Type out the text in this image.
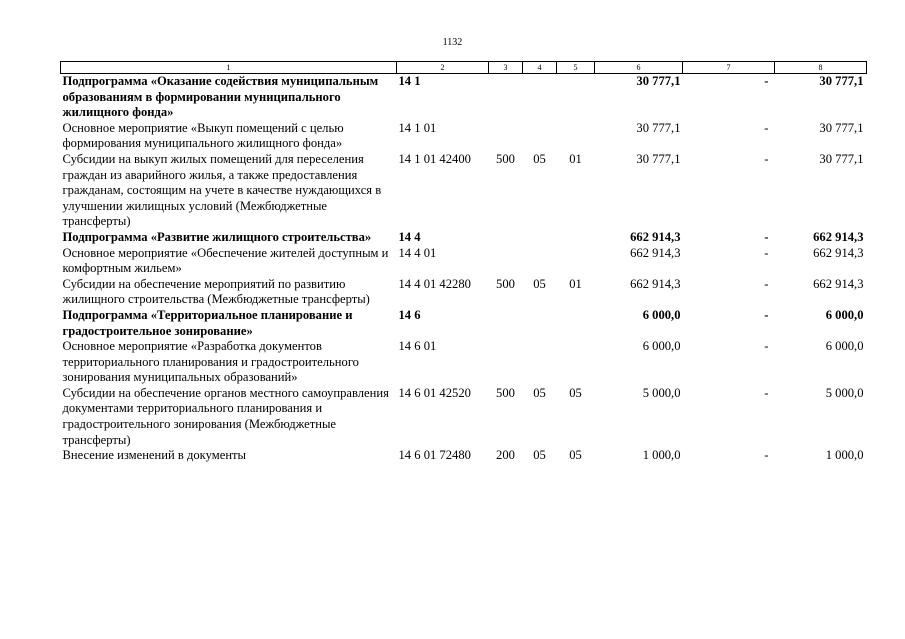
1132
1	2	3	4	5	6	7	8
Подпрограмма «Оказание содействия муниципальным образованиям в формировании муниципального жилищного фонда»	14 1				30 777,1	-	30 777,1
Основное мероприятие «Выкуп помещений с целью формирования муниципального жилищного фонда»	14 1 01				30 777,1	-	30 777,1
Субсидии на выкуп жилых помещений для переселения граждан из аварийного жилья, а также предоставления гражданам, состоящим на учете в качестве нуждающихся в улучшении жилищных условий (Межбюджетные трансферты)	14 1 01 42400	500	05	01	30 777,1	-	30 777,1
Подпрограмма «Развитие жилищного строительства»	14 4				662 914,3	-	662 914,3
Основное мероприятие «Обеспечение жителей доступным и комфортным жильем»	14 4 01				662 914,3	-	662 914,3
Субсидии на обеспечение мероприятий по развитию жилищного строительства (Межбюджетные трансферты)	14 4 01 42280	500	05	01	662 914,3	-	662 914,3
Подпрограмма «Территориальное планирование и градостроительное зонирование»	14 6				6 000,0	-	6 000,0
Основное мероприятие «Разработка документов территориального планирования и градостроительного зонирования муниципальных образований»	14 6 01				6 000,0	-	6 000,0
Субсидии на обеспечение органов местного самоуправления документами территориального планирования и градостроительного зонирования (Межбюджетные трансферты)	14 6 01 42520	500	05	05	5 000,0	-	5 000,0
Внесение изменений в документы	14 6 01 72480	200	05	05	1 000,0	-	1 000,0
